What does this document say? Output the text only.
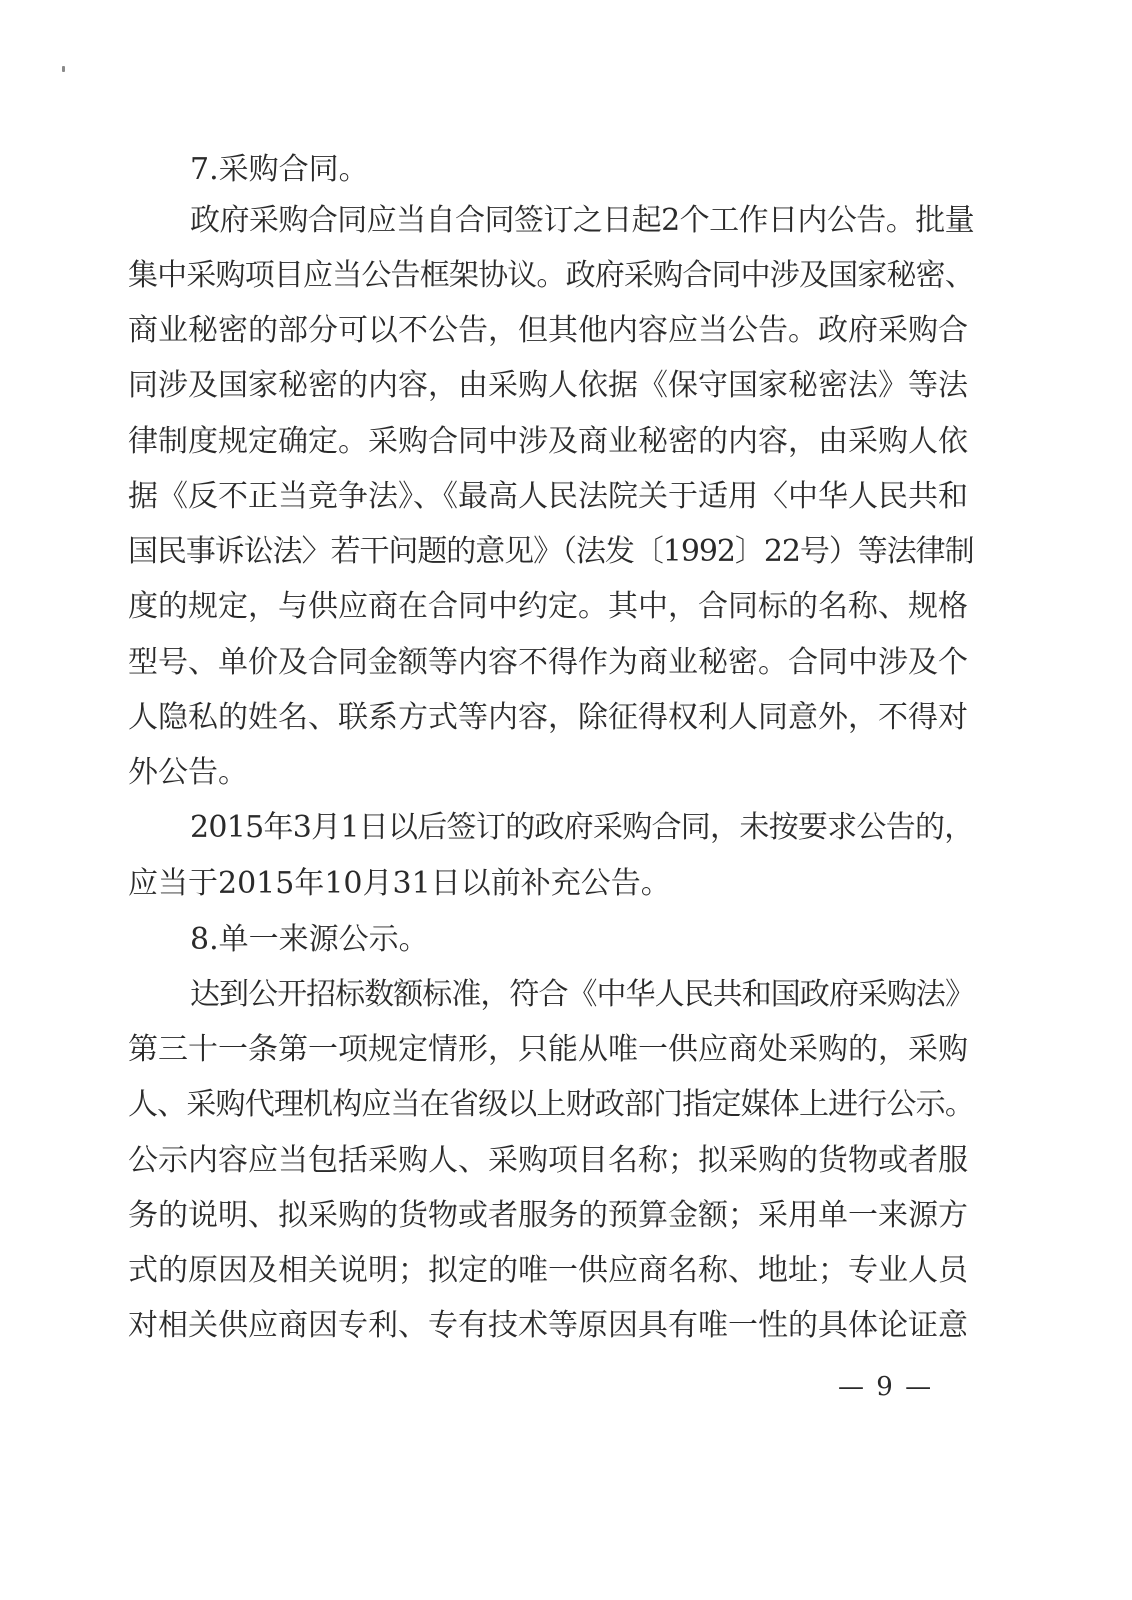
7.采购合同。
政府采购合同应当自合同签订之日起2个工作日内公告。批量
集中采购项目应当公告框架协议。政府采购合同中涉及国家秘密、
商业秘密的部分可以不公告，但其他内容应当公告。政府采购合
同涉及国家秘密的内容，由采购人依据《保守国家秘密法》等法
律制度规定确定。采购合同中涉及商业秘密的内容，由采购人依
据《反不正当竞争法》、《最高人民法院关于适用〈中华人民共和
国民事诉讼法〉若干问题的意见》（法发〔1992〕22号）等法律制
度的规定，与供应商在合同中约定。其中，合同标的名称、规格
型号、单价及合同金额等内容不得作为商业秘密。合同中涉及个
人隐私的姓名、联系方式等内容，除征得权利人同意外，不得对
外公告。
2015年3月1日以后签订的政府采购合同，未按要求公告的，
应当于2015年10月31日以前补充公告。
8.单一来源公示。
达到公开招标数额标准，符合《中华人民共和国政府采购法》
第三十一条第一项规定情形，只能从唯一供应商处采购的，采购
人、采购代理机构应当在省级以上财政部门指定媒体上进行公示。
公示内容应当包括采购人、采购项目名称；拟采购的货物或者服
务的说明、拟采购的货物或者服务的预算金额；采用单一来源方
式的原因及相关说明；拟定的唯一供应商名称、地址；专业人员
对相关供应商因专利、专有技术等原因具有唯一性的具体论证意
— 9 —
